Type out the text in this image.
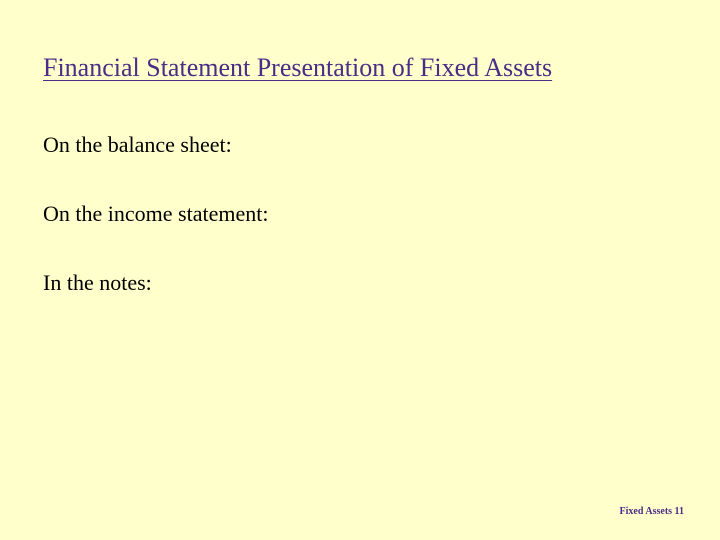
Financial Statement Presentation of Fixed Assets
On the balance sheet:
On the income statement:
In the notes:
Fixed Assets 11
